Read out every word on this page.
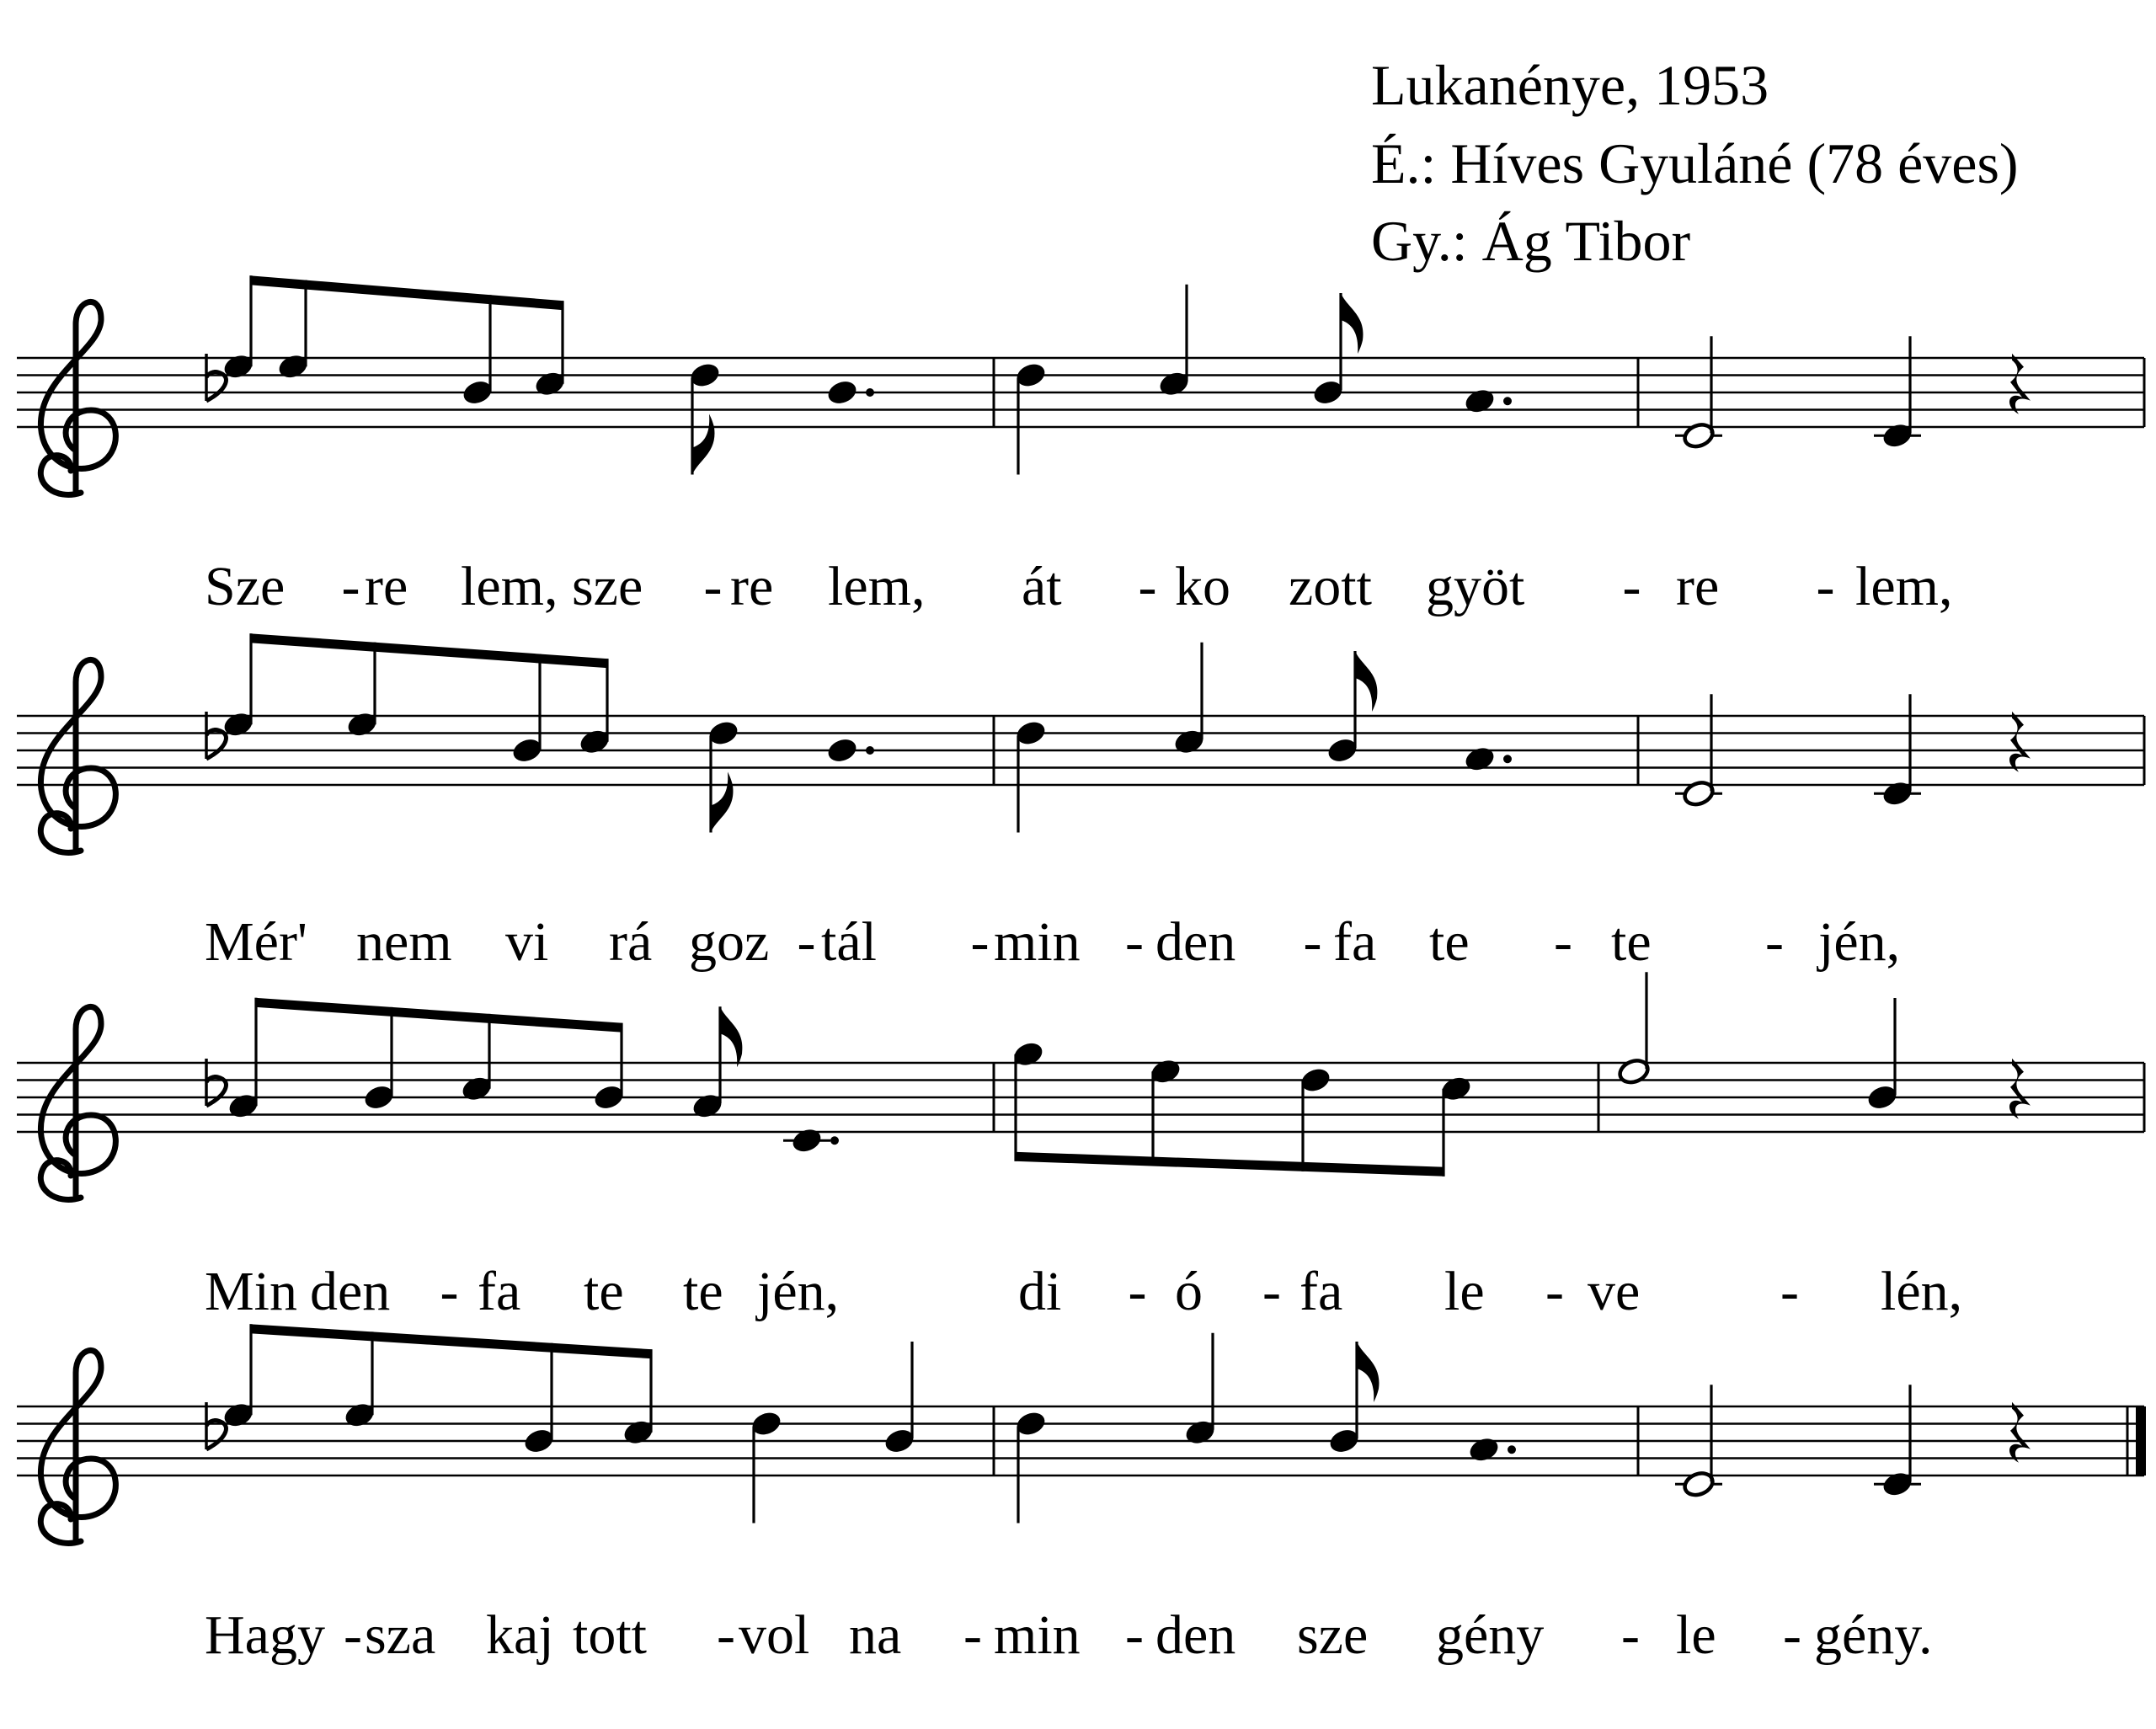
Lukanénye, 1953
É.: Híves Gyuláné (78 éves)
Gy.: Ág Tibor
Sze - re lem, sze - re lem, át - ko zott gyöt - re - lem,
Mér' nem vi rá goz - tál - min - den - fa te - te - jén,
Min den - fa te te jén,	di - ó - fa le - ve	- lén,
Hagy - sza kaj tott - vol na - min - den sze gény - le - gény.
